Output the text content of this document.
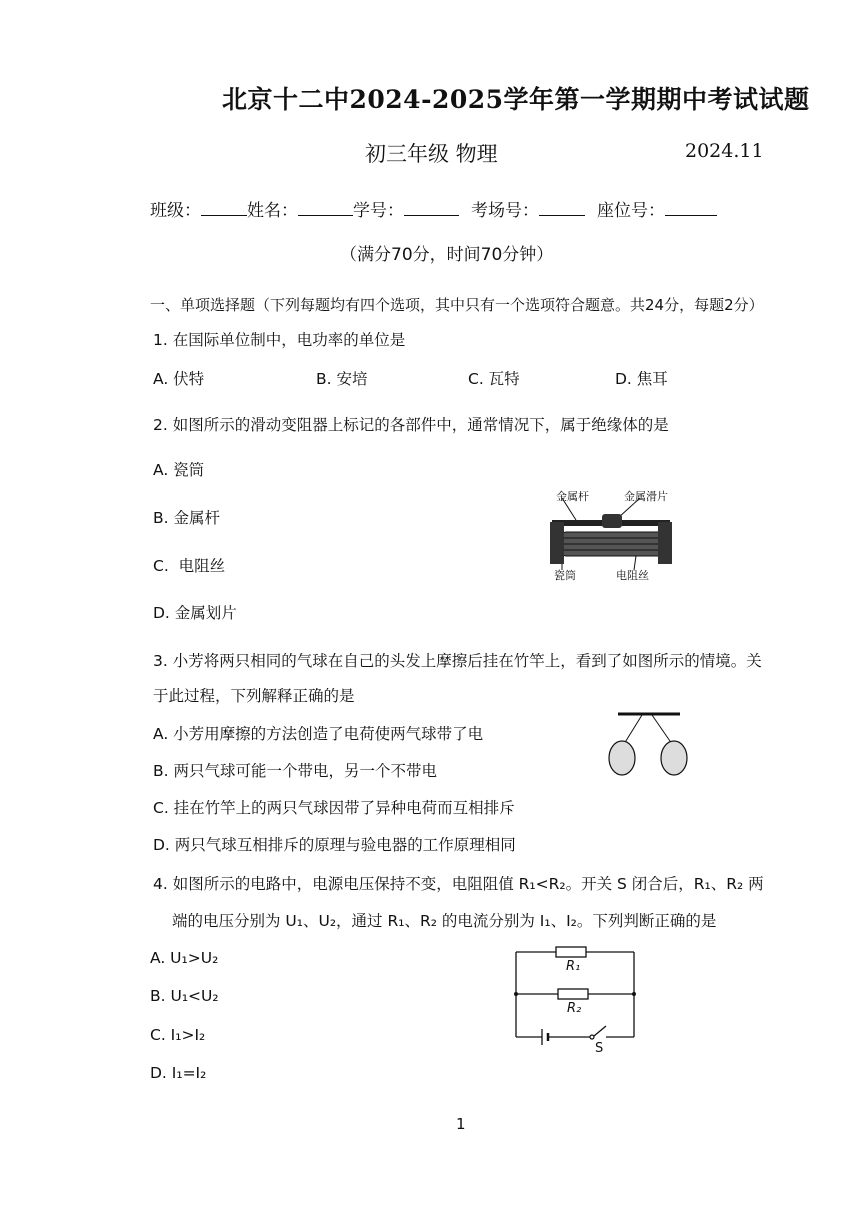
北京十二中2024-2025学年第一学期期中考试试题
初三年级 物理	2024.11
班级：	姓名：	学号：	考场号：	座位号：
（满分70分，时间70分钟）
一、单项选择题（下列每题均有四个选项，其中只有一个选项符合题意。共24分，每题2分）
1. 在国际单位制中，电功率的单位是
A. 伏特	B. 安培	C. 瓦特	D. 焦耳
2. 如图所示的滑动变阻器上标记的各部件中，通常情况下，属于绝缘体的是
A. 瓷筒
B. 金属杆
C.  电阻丝
D. 金属划片
金属杆	金属滑片
瓷筒	电阻丝
3. 小芳将两只相同的气球在自己的头发上摩擦后挂在竹竿上，看到了如图所示的情境。关
于此过程，下列解释正确的是
A. 小芳用摩擦的方法创造了电荷使两气球带了电
B. 两只气球可能一个带电，另一个不带电
C. 挂在竹竿上的两只气球因带了异种电荷而互相排斥
D. 两只气球互相排斥的原理与验电器的工作原理相同
4. 如图所示的电路中，电源电压保持不变，电阻阻值 R₁<R₂。开关 S 闭合后，R₁、R₂ 两
端的电压分别为 U₁、U₂，通过 R₁、R₂ 的电流分别为 I₁、I₂。下列判断正确的是
A. U₁>U₂
B. U₁<U₂
C. I₁>I₂
D. I₁=I₂
R₁
R₂
S
1
